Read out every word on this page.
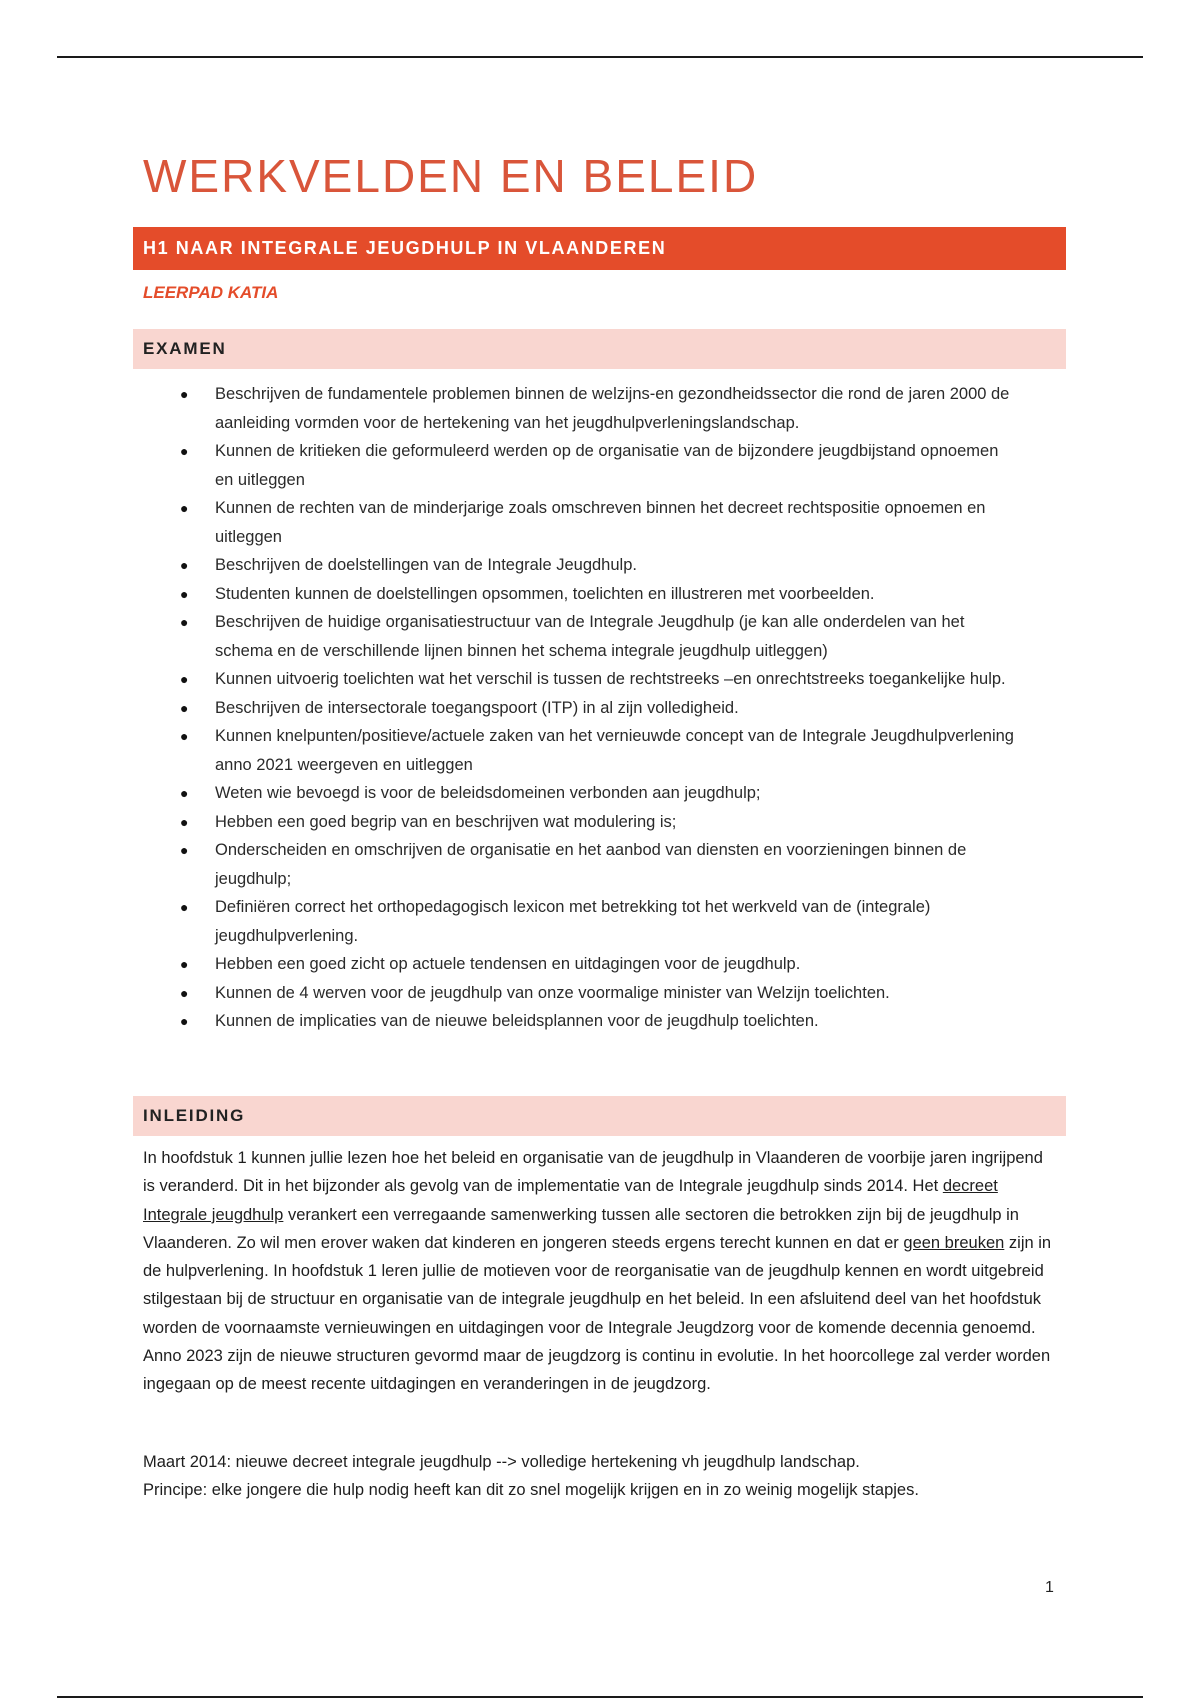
WERKVELDEN EN BELEID
H1 NAAR INTEGRALE JEUGDHULP IN VLAANDEREN
LEERPAD KATIA
EXAMEN
● Beschrijven de fundamentele problemen binnen de welzijns-en gezondheidssector die rond de jaren 2000 de aanleiding vormden voor de hertekening van het jeugdhulpverleningslandschap.
● Kunnen de kritieken die geformuleerd werden op de organisatie van de bijzondere jeugdbijstand opnoemen en uitleggen
● Kunnen de rechten van de minderjarige zoals omschreven binnen het decreet rechtspositie opnoemen en uitleggen
● Beschrijven de doelstellingen van de Integrale Jeugdhulp.
● Studenten kunnen de doelstellingen opsommen, toelichten en illustreren met voorbeelden.
● Beschrijven de huidige organisatiestructuur van de Integrale Jeugdhulp (je kan alle onderdelen van het schema en de verschillende lijnen binnen het schema integrale jeugdhulp uitleggen)
● Kunnen uitvoerig toelichten wat het verschil is tussen de rechtstreeks –en onrechtstreeks toegankelijke hulp.
● Beschrijven de intersectorale toegangspoort (ITP) in al zijn volledigheid.
● Kunnen knelpunten/positieve/actuele zaken van het vernieuwde concept van de Integrale Jeugdhulpverlening anno 2021 weergeven en uitleggen
● Weten wie bevoegd is voor de beleidsdomeinen verbonden aan jeugdhulp;
● Hebben een goed begrip van en beschrijven wat modulering is;
● Onderscheiden en omschrijven de organisatie en het aanbod van diensten en voorzieningen binnen de jeugdhulp;
● Definiëren correct het orthopedagogisch lexicon met betrekking tot het werkveld van de (integrale) jeugdhulpverlening.
● Hebben een goed zicht op actuele tendensen en uitdagingen voor de jeugdhulp.
● Kunnen de 4 werven voor de jeugdhulp van onze voormalige minister van Welzijn toelichten.
● Kunnen de implicaties van de nieuwe beleidsplannen voor de jeugdhulp toelichten.
INLEIDING

In hoofdstuk 1 kunnen jullie lezen hoe het beleid en organisatie van de jeugdhulp in Vlaanderen de voorbije jaren ingrijpend is veranderd. Dit in het bijzonder als gevolg van de implementatie van de Integrale jeugdhulp sinds 2014. Het decreet Integrale jeugdhulp verankert een verregaande samenwerking tussen alle sectoren die betrokken zijn bij de jeugdhulp in Vlaanderen. Zo wil men erover waken dat kinderen en jongeren steeds ergens terecht kunnen en dat er geen breuken zijn in de hulpverlening. In hoofdstuk 1 leren jullie de motieven voor de reorganisatie van de jeugdhulp kennen en wordt uitgebreid stilgestaan bij de structuur en organisatie van de integrale jeugdhulp en het beleid. In een afsluitend deel van het hoofdstuk worden de voornaamste vernieuwingen en uitdagingen voor de Integrale Jeugdzorg voor de komende decennia genoemd. Anno 2023 zijn de nieuwe structuren gevormd maar de jeugdzorg is continu in evolutie. In het hoorcollege zal verder worden ingegaan op de meest recente uitdagingen en veranderingen in de jeugdzorg.

Maart 2014: nieuwe decreet integrale jeugdhulp --> volledige hertekening vh jeugdhulp landschap.
Principe: elke jongere die hulp nodig heeft kan dit zo snel mogelijk krijgen en in zo weinig mogelijk stapjes.

1
